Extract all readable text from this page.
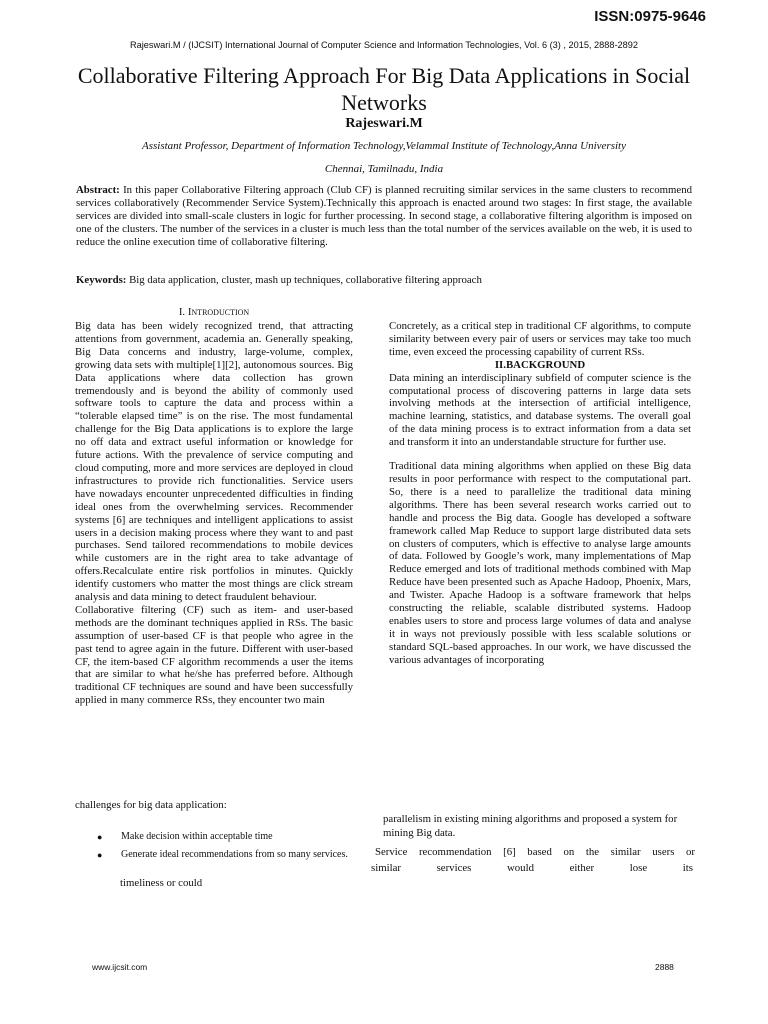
ISSN:0975-9646

Rajeswari.M / (IJCSIT) International Journal of Computer Science and Information Technologies, Vol. 6 (3) , 2015, 2888-2892

Collaborative Filtering Approach For Big Data Applications in Social Networks

Rajeswari.M

Assistant Professor, Department of Information Technology,Velammal Institute of Technology,Anna University

Chennai, Tamilnadu, India

Abstract: In this paper Collaborative Filtering approach (Club CF) is planned recruiting similar services in the same clusters to recommend services collaboratively (Recommender Service System).Technically this approach is enacted around two stages: In first stage, the available services are divided into small-scale clusters in logic for further processing. In second stage, a collaborative filtering algorithm is imposed on one of the clusters. The number of the services in a cluster is much less than the total number of the services available on the web, it is used to reduce the online execution time of collaborative filtering.

Keywords: Big data application, cluster, mash up techniques, collaborative filtering approach

I. Introduction

Big data has been widely recognized trend, that attracting attentions from government, academia an. Generally speaking, Big Data concerns and industry, large-volume, complex, growing data sets with multiple[1][2], autonomous sources. Big Data applications where data collection has grown tremendously and is beyond the ability of commonly used software tools to capture the data and process within a “tolerable elapsed time” is on the rise. The most fundamental challenge for the Big Data applications is to explore the large no off data and extract useful information or knowledge for future actions. With the prevalence of service computing and cloud computing, more and more services are deployed in cloud infrastructures to provide rich functionalities. Service users have nowadays encounter unprecedented difficulties in finding ideal ones from the overwhelming services. Recommender systems [6] are techniques and intelligent applications to assist users in a decision making process where they want to and past purchases. Send tailored recommendations to mobile devices while customers are in the right area to take advantage of offers.Recalculate entire risk portfolios in minutes. Quickly identify customers who matter the most things are click stream analysis and data mining to detect fraudulent behaviour.

Collaborative filtering (CF) such as item- and user-based methods are the dominant techniques applied in RSs. The basic assumption of user-based CF is that people who agree in the past tend to agree again in the future. Different with user-based CF, the item-based CF algorithm recommends a user the items that are similar to what he/she has preferred before. Although traditional CF techniques are sound and have been successfully applied in many commerce RSs, they encounter two main

challenges for big data application:

● Make decision within acceptable time
● Generate ideal recommendations from so many services.

timeliness or could

Concretely, as a critical step in traditional CF algorithms, to compute similarity between every pair of users or services may take too much time, even exceed the processing capability of current RSs.

II.BACKGROUND

Data mining an interdisciplinary subfield of computer science is the computational process of discovering patterns in large data sets involving methods at the intersection of artificial intelligence, machine learning, statistics, and database systems. The overall goal of the data mining process is to extract information from a data set and transform it into an understandable structure for further use.

Traditional data mining algorithms when applied on these Big data results in poor performance with respect to the computational part. So, there is a need to parallelize the traditional data mining algorithms. There has been several research works carried out to handle and process the Big data. Google has developed a software framework called Map Reduce to support large distributed data sets on clusters of computers, which is effective to analyse large amounts of data. Followed by Google’s work, many implementations of Map Reduce emerged and lots of traditional methods combined with Map Reduce have been presented such as Apache Hadoop, Phoenix, Mars, and Twister. Apache Hadoop is a software framework that helps constructing the reliable, scalable distributed systems. Hadoop enables users to store and process large volumes of data and analyse it in ways not previously possible with less scalable solutions or standard SQL-based approaches. In our work, we have discussed the various advantages of incorporating

parallelism in existing mining algorithms and proposed a system for mining Big data.

Service recommendation [6] based on the similar users or

similar	services	would	either	lose	its

www.ijcsit.com	2888
